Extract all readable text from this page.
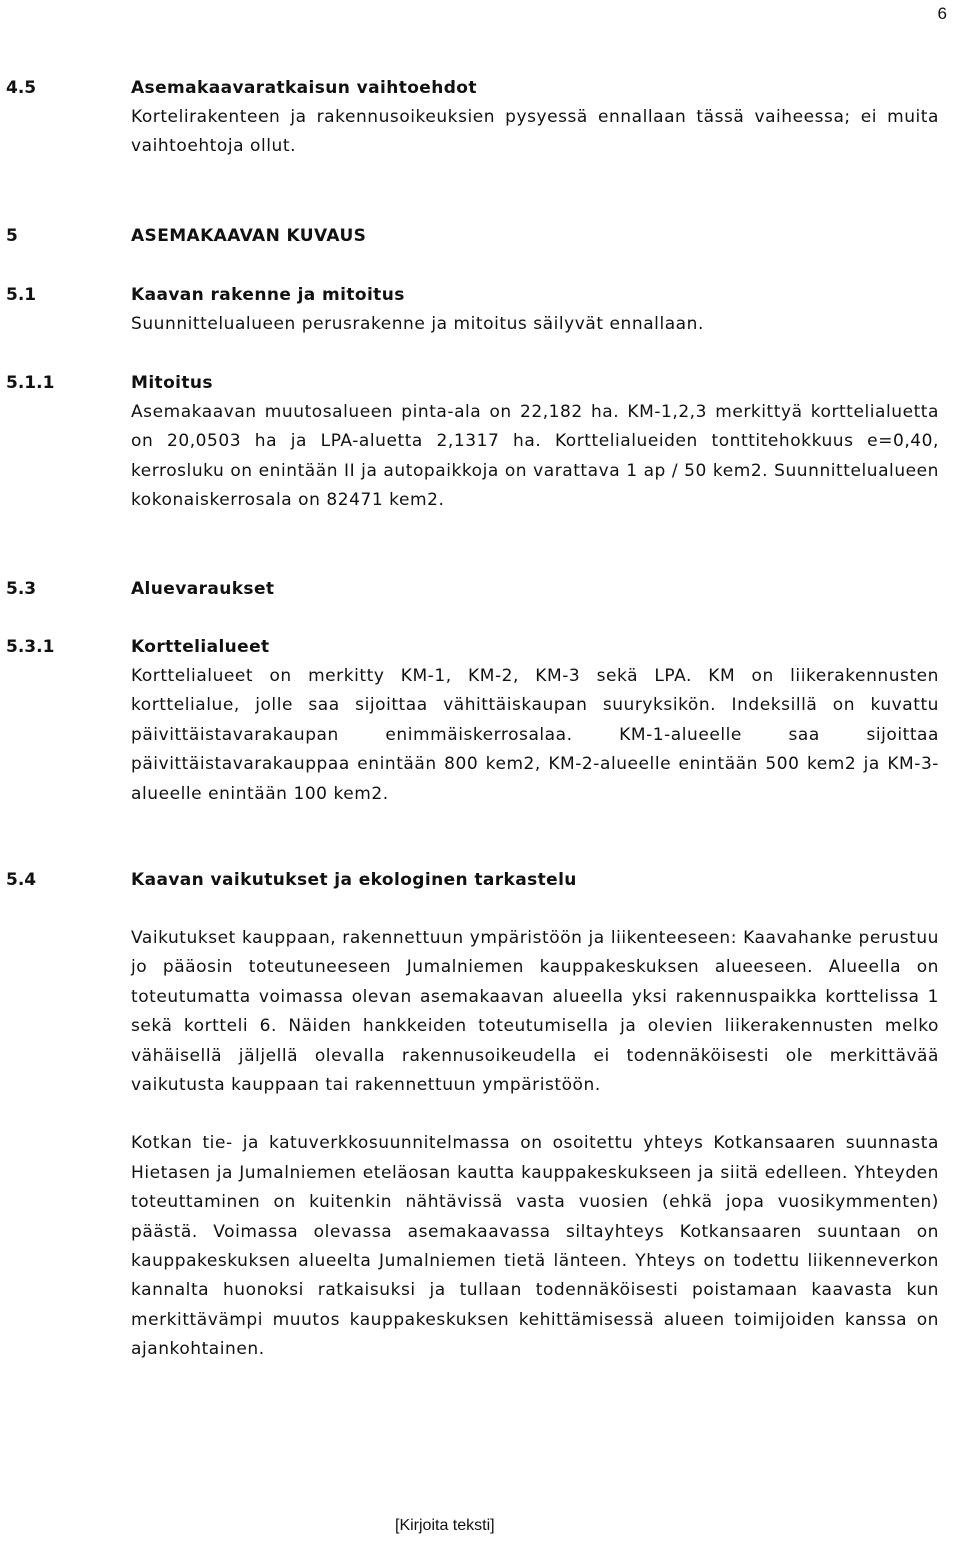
6
4.5	Asemakaavaratkaisun vaihtoehdot

Kortelirakenteen ja rakennusoikeuksien pysyessä ennallaan tässä vaiheessa; ei muita vaihtoehtoja ollut.

5	ASEMAKAAVAN KUVAUS
5.1	Kaavan rakenne ja mitoitus

Suunnittelualueen perusrakenne ja mitoitus säilyvät ennallaan.

5.1.1	Mitoitus

Asemakaavan muutosalueen pinta-ala on 22,182 ha. KM-1,2,3 merkittyä korttelialuetta on 20,0503 ha ja LPA-aluetta 2,1317 ha. Korttelialueiden tonttitehokkuus e=0,40, kerrosluku on enintään II ja autopaikkoja on varattava 1 ap / 50 kem2. Suunnittelualueen kokonaiskerrosala on 82471 kem2.

5.3	Aluevaraukset
5.3.1	Korttelialueet

Korttelialueet on merkitty KM-1, KM-2, KM-3 sekä LPA. KM on liikerakennusten korttelialue, jolle saa sijoittaa vähittäiskaupan suuryksikön. Indeksillä on kuvattu päivittäistavarakaupan enimmäiskerrosalaa. KM-1-alueelle saa sijoittaa päivittäistavarakauppaa enintään 800 kem2, KM-2-alueelle enintään 500 kem2 ja KM-3-alueelle enintään 100 kem2.

5.4	Kaavan vaikutukset ja ekologinen tarkastelu

Vaikutukset kauppaan, rakennettuun ympäristöön ja liikenteeseen: Kaavahanke perustuu jo pääosin toteutuneeseen Jumalniemen kauppakeskuksen alueeseen. Alueella on toteutumatta voimassa olevan asemakaavan alueella yksi rakennuspaikka korttelissa 1 sekä kortteli 6. Näiden hankkeiden toteutumisella ja olevien liikerakennusten melko vähäisellä jäljellä olevalla rakennusoikeudella ei todennäköisesti ole merkittävää vaikutusta kauppaan tai rakennettuun ympäristöön.

Kotkan tie- ja katuverkkosuunnitelmassa on osoitettu yhteys Kotkansaaren suunnasta Hietasen ja Jumalniemen eteläosan kautta kauppakeskukseen ja siitä edelleen. Yhteyden toteuttaminen on kuitenkin nähtävissä vasta vuosien (ehkä jopa vuosikymmenten) päästä. Voimassa olevassa asemakaavassa siltayhteys Kotkansaaren suuntaan on kauppakeskuksen alueelta Jumalniemen tietä länteen. Yhteys on todettu liikenneverkon kannalta huonoksi ratkaisuksi ja tullaan todennäköisesti poistamaan kaavasta kun merkittävämpi muutos kauppakeskuksen kehittämisessä alueen toimijoiden kanssa on ajankohtainen.

[Kirjoita teksti]
